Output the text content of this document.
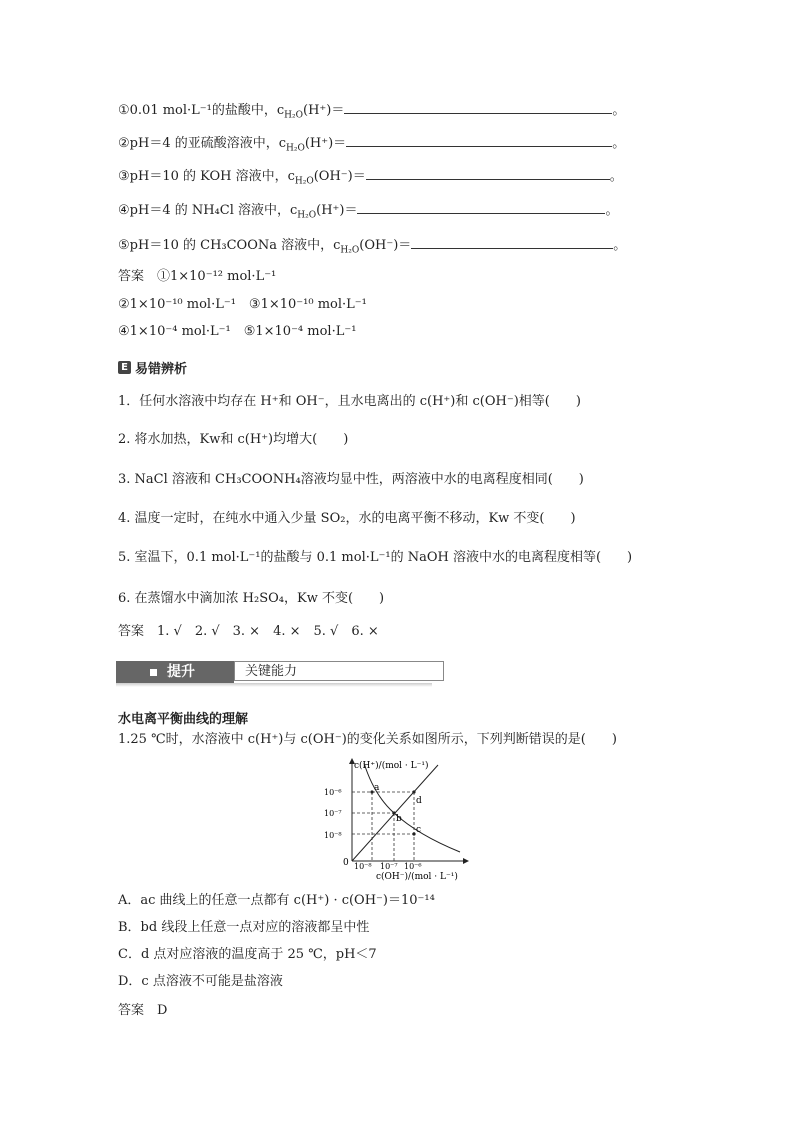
①0.01 mol·L⁻¹的盐酸中，$c_{H_2O}(H^+)=$	。
②pH＝4 的亚硫酸溶液中，$c_{H_2O}(H^+)=$	。
③pH＝10 的 KOH 溶液中，$c_{H_2O}(OH^-)=$	。
④pH＝4 的 NH₄Cl 溶液中，$c_{H_2O}(H^+)=$	。
⑤pH＝10 的 CH₃COONa 溶液中，$c_{H_2O}(OH^-)=$	。
答案　①1×10⁻¹² mol·L⁻¹
②1×10⁻¹⁰ mol·L⁻¹　③1×10⁻¹⁰ mol·L⁻¹
④1×10⁻⁴ mol·L⁻¹　⑤1×10⁻⁴ mol·L⁻¹
E 易错辨析
1．任何水溶液中均存在 H⁺和 OH⁻，且水电离出的 c(H⁺)和 c(OH⁻)相等(　　)
2. 将水加热，Kw和 c(H⁺)均增大(　　)
3. NaCl 溶液和 CH₃COONH₄溶液均显中性，两溶液中水的电离程度相同(　　)
4. 温度一定时，在纯水中通入少量 SO₂，水的电离平衡不移动，Kw 不变(　　)
5. 室温下，0.1 mol·L⁻¹的盐酸与 0.1 mol·L⁻¹的 NaOH 溶液中水的电离程度相等(　　)
6. 在蒸馏水中滴加浓 H₂SO₄，Kw 不变(　　)
答案　1. √　2. √　3. ×　4. ×　5. √　6. ×
提升	关键能力
水电离平衡曲线的理解
1.25 ℃时，水溶液中 c(H⁺)与 c(OH⁻)的变化关系如图所示，下列判断错误的是(　　)
c(H⁺)/(mol · L⁻¹)
c(OH⁻)/(mol · L⁻¹)
0
10⁻⁶
10⁻⁷
10⁻⁸
10⁻⁸ 10⁻⁷ 10⁻⁶
a
b
c
d
A．ac 曲线上的任意一点都有 c(H⁺) · c(OH⁻)＝10⁻¹⁴
B．bd 线段上任意一点对应的溶液都呈中性
C．d 点对应溶液的温度高于 25 ℃，pH＜7
D．c 点溶液不可能是盐溶液
答案　D
